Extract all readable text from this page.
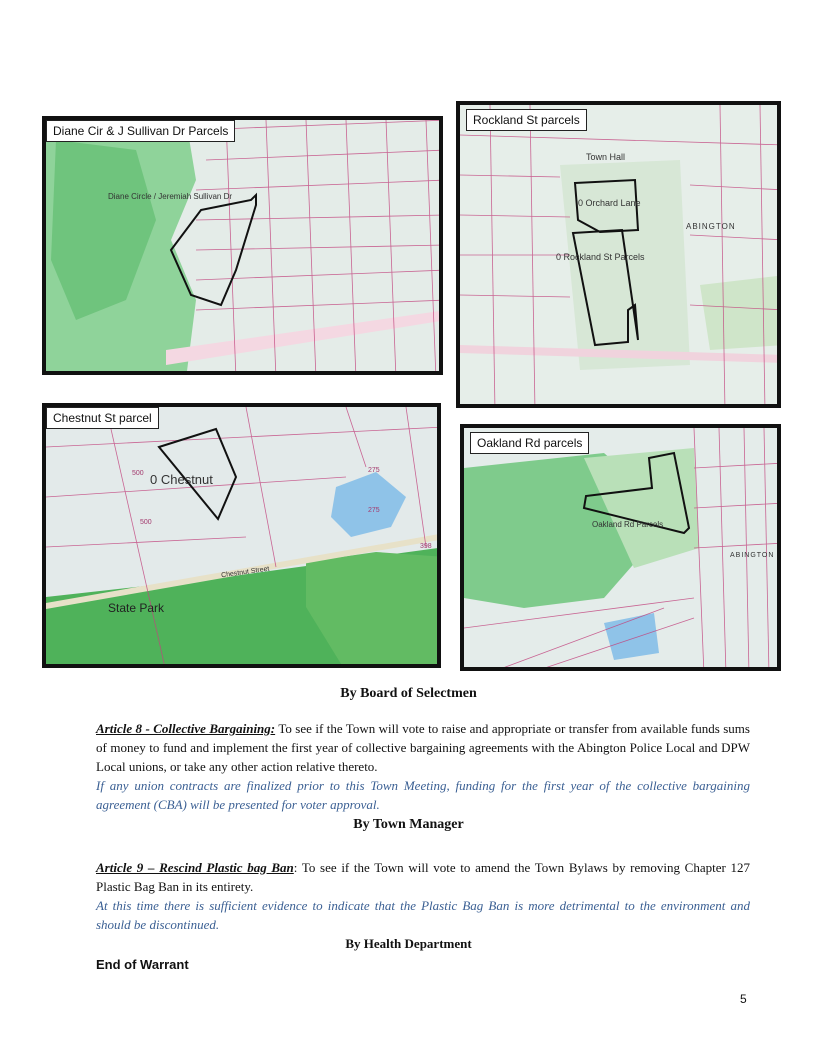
Diane Cir & J Sullivan Dr Parcels
Diane Circle / Jeremiah Sullivan Dr
Rockland St parcels
Town Hall
0 Orchard Lane
0 Rockland St Parcels
ABINGTON
Chestnut St parcel
0 Chestnut
State Park
Chestnut Street
500
500
275
275
398
Oakland Rd parcels
Oakland Rd Parcels
ABINGTON
By Board of Selectmen
Article 8 - Collective Bargaining: To see if the Town will vote to raise and appropriate or transfer from available funds sums of money to fund and implement the first year of collective bargaining agreements with the Abington Police Local and DPW Local unions, or take any other action relative thereto.
If any union contracts are finalized prior to this Town Meeting, funding for the first year of the collective bargaining agreement (CBA) will be presented for voter approval.
By Town Manager
Article 9 – Rescind Plastic bag Ban: To see if the Town will vote to amend the Town Bylaws by removing Chapter 127 Plastic Bag Ban in its entirety.
At this time there is sufficient evidence to indicate that the Plastic Bag Ban is more detrimental to the environment and should be discontinued.
By Health Department
End of Warrant
5
